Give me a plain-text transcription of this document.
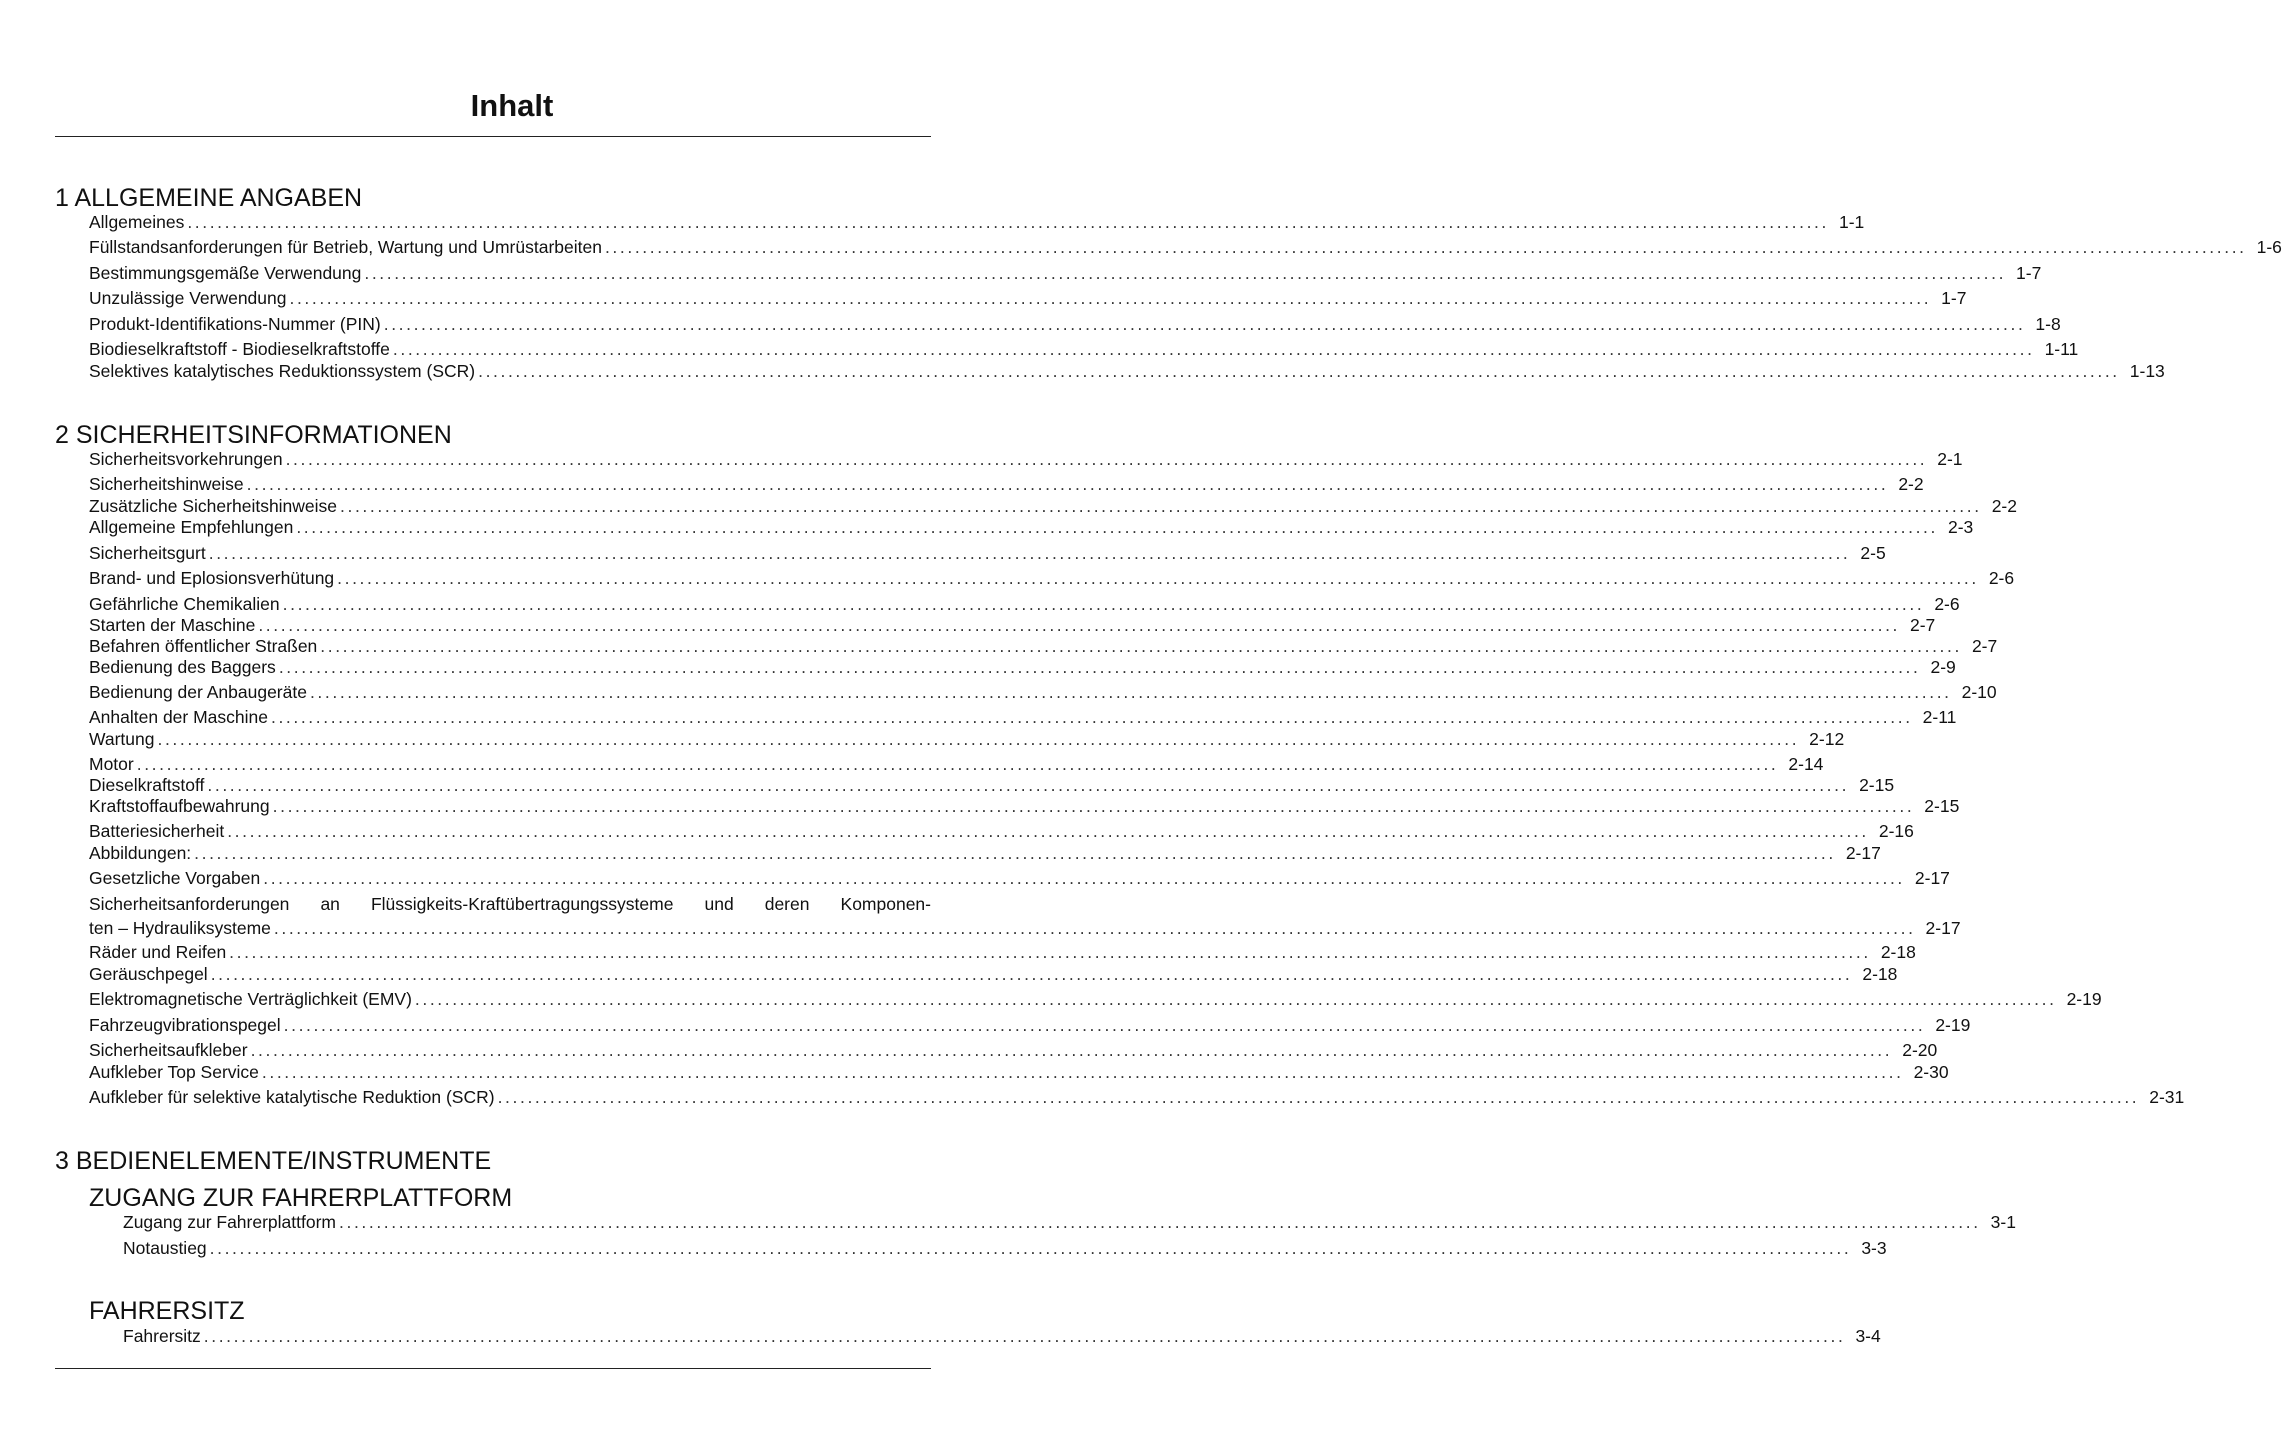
Inhalt
1 ALLGEMEINE ANGABEN
Allgemeines ............................................................................................................................................................................................................................ 1-1
Füllstandsanforderungen für Betrieb, Wartung und Umrüstarbeiten ............................................................................................................................................................................................................................ 1-6
Bestimmungsgemäße Verwendung ............................................................................................................................................................................................................................ 1-7
Unzulässige Verwendung ............................................................................................................................................................................................................................ 1-7
Produkt-Identifikations-Nummer (PIN) ............................................................................................................................................................................................................................ 1-8
Biodieselkraftstoff - Biodieselkraftstoffe ............................................................................................................................................................................................................................ 1-11
Selektives katalytisches Reduktionssystem (SCR) ............................................................................................................................................................................................................................ 1-13
2 SICHERHEITSINFORMATIONEN
Sicherheitsvorkehrungen ............................................................................................................................................................................................................................ 2-1
Sicherheitshinweise ............................................................................................................................................................................................................................ 2-2
Zusätzliche Sicherheitshinweise ............................................................................................................................................................................................................................ 2-2
Allgemeine Empfehlungen ............................................................................................................................................................................................................................ 2-3
Sicherheitsgurt ............................................................................................................................................................................................................................ 2-5
Brand- und Eplosionsverhütung ............................................................................................................................................................................................................................ 2-6
Gefährliche Chemikalien ............................................................................................................................................................................................................................ 2-6
Starten der Maschine ............................................................................................................................................................................................................................ 2-7
Befahren öffentlicher Straßen ............................................................................................................................................................................................................................ 2-7
Bedienung des Baggers ............................................................................................................................................................................................................................ 2-9
Bedienung der Anbaugeräte ............................................................................................................................................................................................................................ 2-10
Anhalten der Maschine ............................................................................................................................................................................................................................ 2-11
Wartung ............................................................................................................................................................................................................................ 2-12
Motor ............................................................................................................................................................................................................................ 2-14
Dieselkraftstoff ............................................................................................................................................................................................................................ 2-15
Kraftstoffaufbewahrung ............................................................................................................................................................................................................................ 2-15
Batteriesicherheit ............................................................................................................................................................................................................................ 2-16
Abbildungen: ............................................................................................................................................................................................................................ 2-17
Gesetzliche Vorgaben ............................................................................................................................................................................................................................ 2-17
Sicherheitsanforderungen an Flüssigkeits-Kraftübertragungssysteme und deren Komponen-
ten – Hydrauliksysteme ............................................................................................................................................................................................................................ 2-17
Räder und Reifen ............................................................................................................................................................................................................................ 2-18
Geräuschpegel ............................................................................................................................................................................................................................ 2-18
Elektromagnetische Verträglichkeit (EMV) ............................................................................................................................................................................................................................ 2-19
Fahrzeugvibrationspegel ............................................................................................................................................................................................................................ 2-19
Sicherheitsaufkleber ............................................................................................................................................................................................................................ 2-20
Aufkleber Top Service ............................................................................................................................................................................................................................ 2-30
Aufkleber für selektive katalytische Reduktion (SCR) ............................................................................................................................................................................................................................ 2-31
3 BEDIENELEMENTE/INSTRUMENTE
ZUGANG ZUR FAHRERPLATTFORM
Zugang zur Fahrerplattform ............................................................................................................................................................................................................................ 3-1
Notaustieg ............................................................................................................................................................................................................................ 3-3
FAHRERSITZ
Fahrersitz ............................................................................................................................................................................................................................ 3-4
